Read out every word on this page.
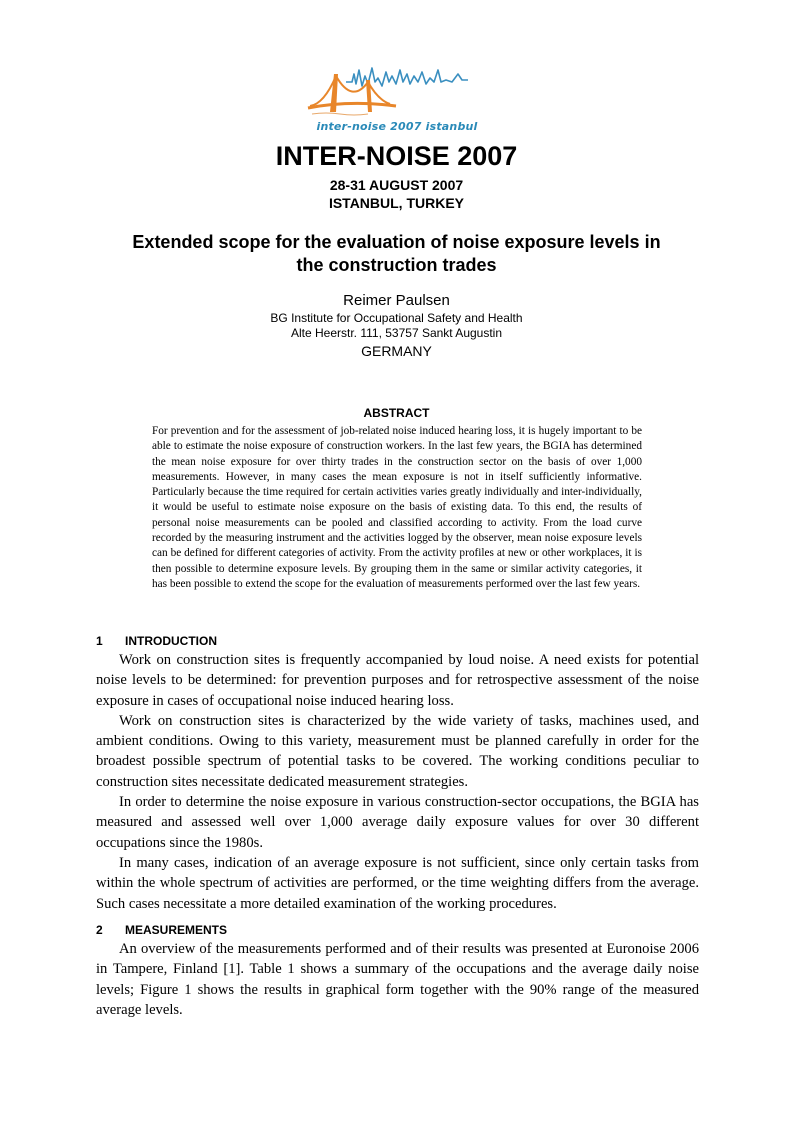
inter-noise 2007 istanbul
INTER-NOISE 2007
28-31 AUGUST 2007
ISTANBUL, TURKEY
Extended scope for the evaluation of noise exposure levels in
the construction trades
Reimer Paulsen
BG Institute for Occupational Safety and Health
Alte Heerstr. 111, 53757 Sankt Augustin
GERMANY
ABSTRACT
For prevention and for the assessment of job-related noise induced hearing loss, it is hugely important to be able to estimate the noise exposure of construction workers. In the last few years, the BGIA has determined the mean noise exposure for over thirty trades in the construction sector on the basis of over 1,000 measurements. However, in many cases the mean exposure is not in itself sufficiently informative. Particularly because the time required for certain activities varies greatly individually and inter-individually, it would be useful to estimate noise exposure on the basis of existing data. To this end, the results of personal noise measurements can be pooled and classified according to activity. From the load curve recorded by the measuring instrument and the activities logged by the observer, mean noise exposure levels can be defined for different categories of activity. From the activity profiles at new or other workplaces, it is then possible to determine exposure levels. By grouping them in the same or similar activity categories, it has been possible to extend the scope for the evaluation of measurements performed over the last few years.
1 INTRODUCTION

Work on construction sites is frequently accompanied by loud noise. A need exists for potential noise levels to be determined: for prevention purposes and for retrospective assessment of the noise exposure in cases of occupational noise induced hearing loss.

Work on construction sites is characterized by the wide variety of tasks, machines used, and ambient conditions. Owing to this variety, measurement must be planned carefully in order for the broadest possible spectrum of potential tasks to be covered. The working conditions peculiar to construction sites necessitate dedicated measurement strategies.

In order to determine the noise exposure in various construction-sector occupations, the BGIA has measured and assessed well over 1,000 average daily exposure values for over 30 different occupations since the 1980s.

In many cases, indication of an average exposure is not sufficient, since only certain tasks from within the whole spectrum of activities are performed, or the time weighting differs from the average. Such cases necessitate a more detailed examination of the working procedures.

2 MEASUREMENTS

An overview of the measurements performed and of their results was presented at Euronoise 2006 in Tampere, Finland [1]. Table 1 shows a summary of the occupations and the average daily noise levels; Figure 1 shows the results in graphical form together with the 90% range of the measured average levels.
